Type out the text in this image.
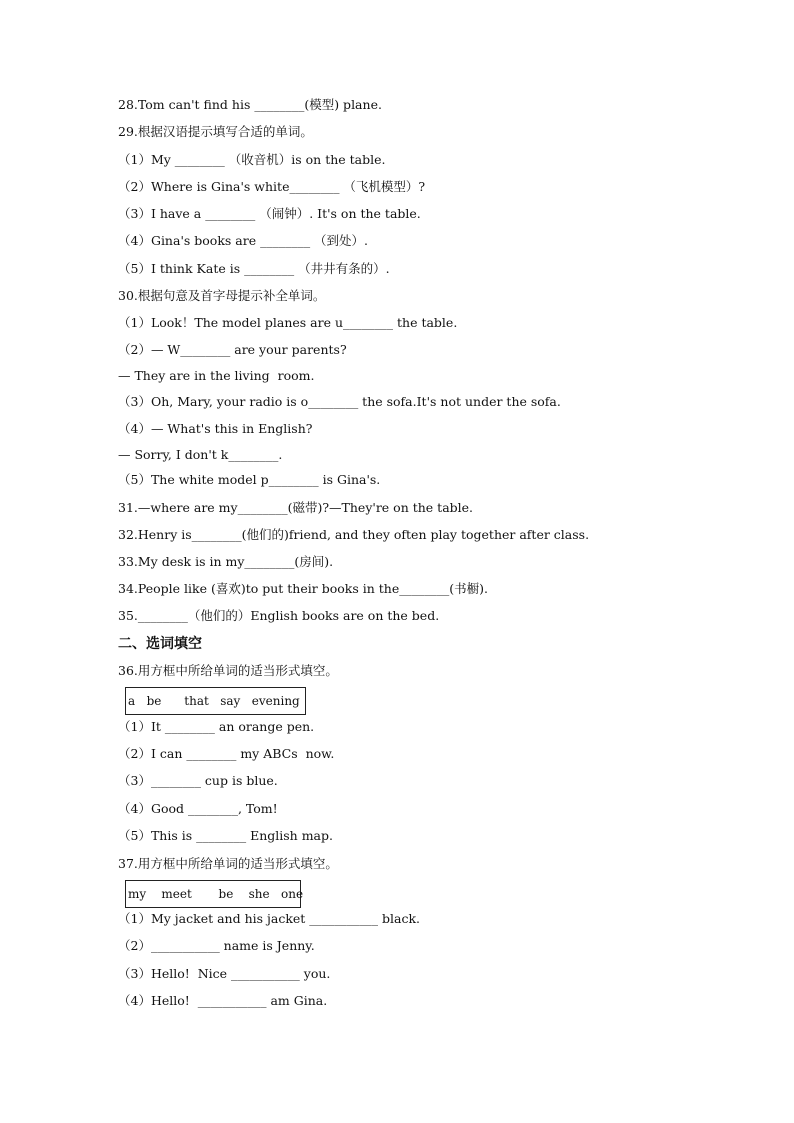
28.Tom can't find his ________(模型) plane.
29.根据汉语提示填写合适的单词。
（1）My ________ （收音机）is on the table.
（2）Where is Gina's white________ （飞机模型）?
（3）I have a ________ （闹钟）. It's on the table.
（4）Gina's books are ________ （到处）.
（5）I think Kate is ________ （井井有条的）.
30.根据句意及首字母提示补全单词。
（1）Look！The model planes are u________ the table.
（2）— W________ are your parents?
— They are in the living  room.
（3）Oh, Mary, your radio is o________ the sofa.It's not under the sofa.
（4）— What's this in English?
— Sorry, I don't k________.
（5）The white model p________ is Gina's.
31.—where are my________(磁带)?—They're on the table.
32.Henry is________(他们的)friend, and they often play together after class.
33.My desk is in my________(房间).
34.People like (喜欢)to put their books in the________(书橱).
35.________（他们的）English books are on the bed.
二、选词填空
36.用方框中所给单词的适当形式填空。
a   be      that   say   evening
（1）It ________ an orange pen.
（2）I can ________ my ABCs  now.
（3）________ cup is blue.
（4）Good ________, Tom!
（5）This is ________ English map.
37.用方框中所给单词的适当形式填空。
my    meet       be    she   one
（1）My jacket and his jacket ___________ black.
（2）___________ name is Jenny.
（3）Hello!  Nice ___________ you.
（4）Hello!  ___________ am Gina.
